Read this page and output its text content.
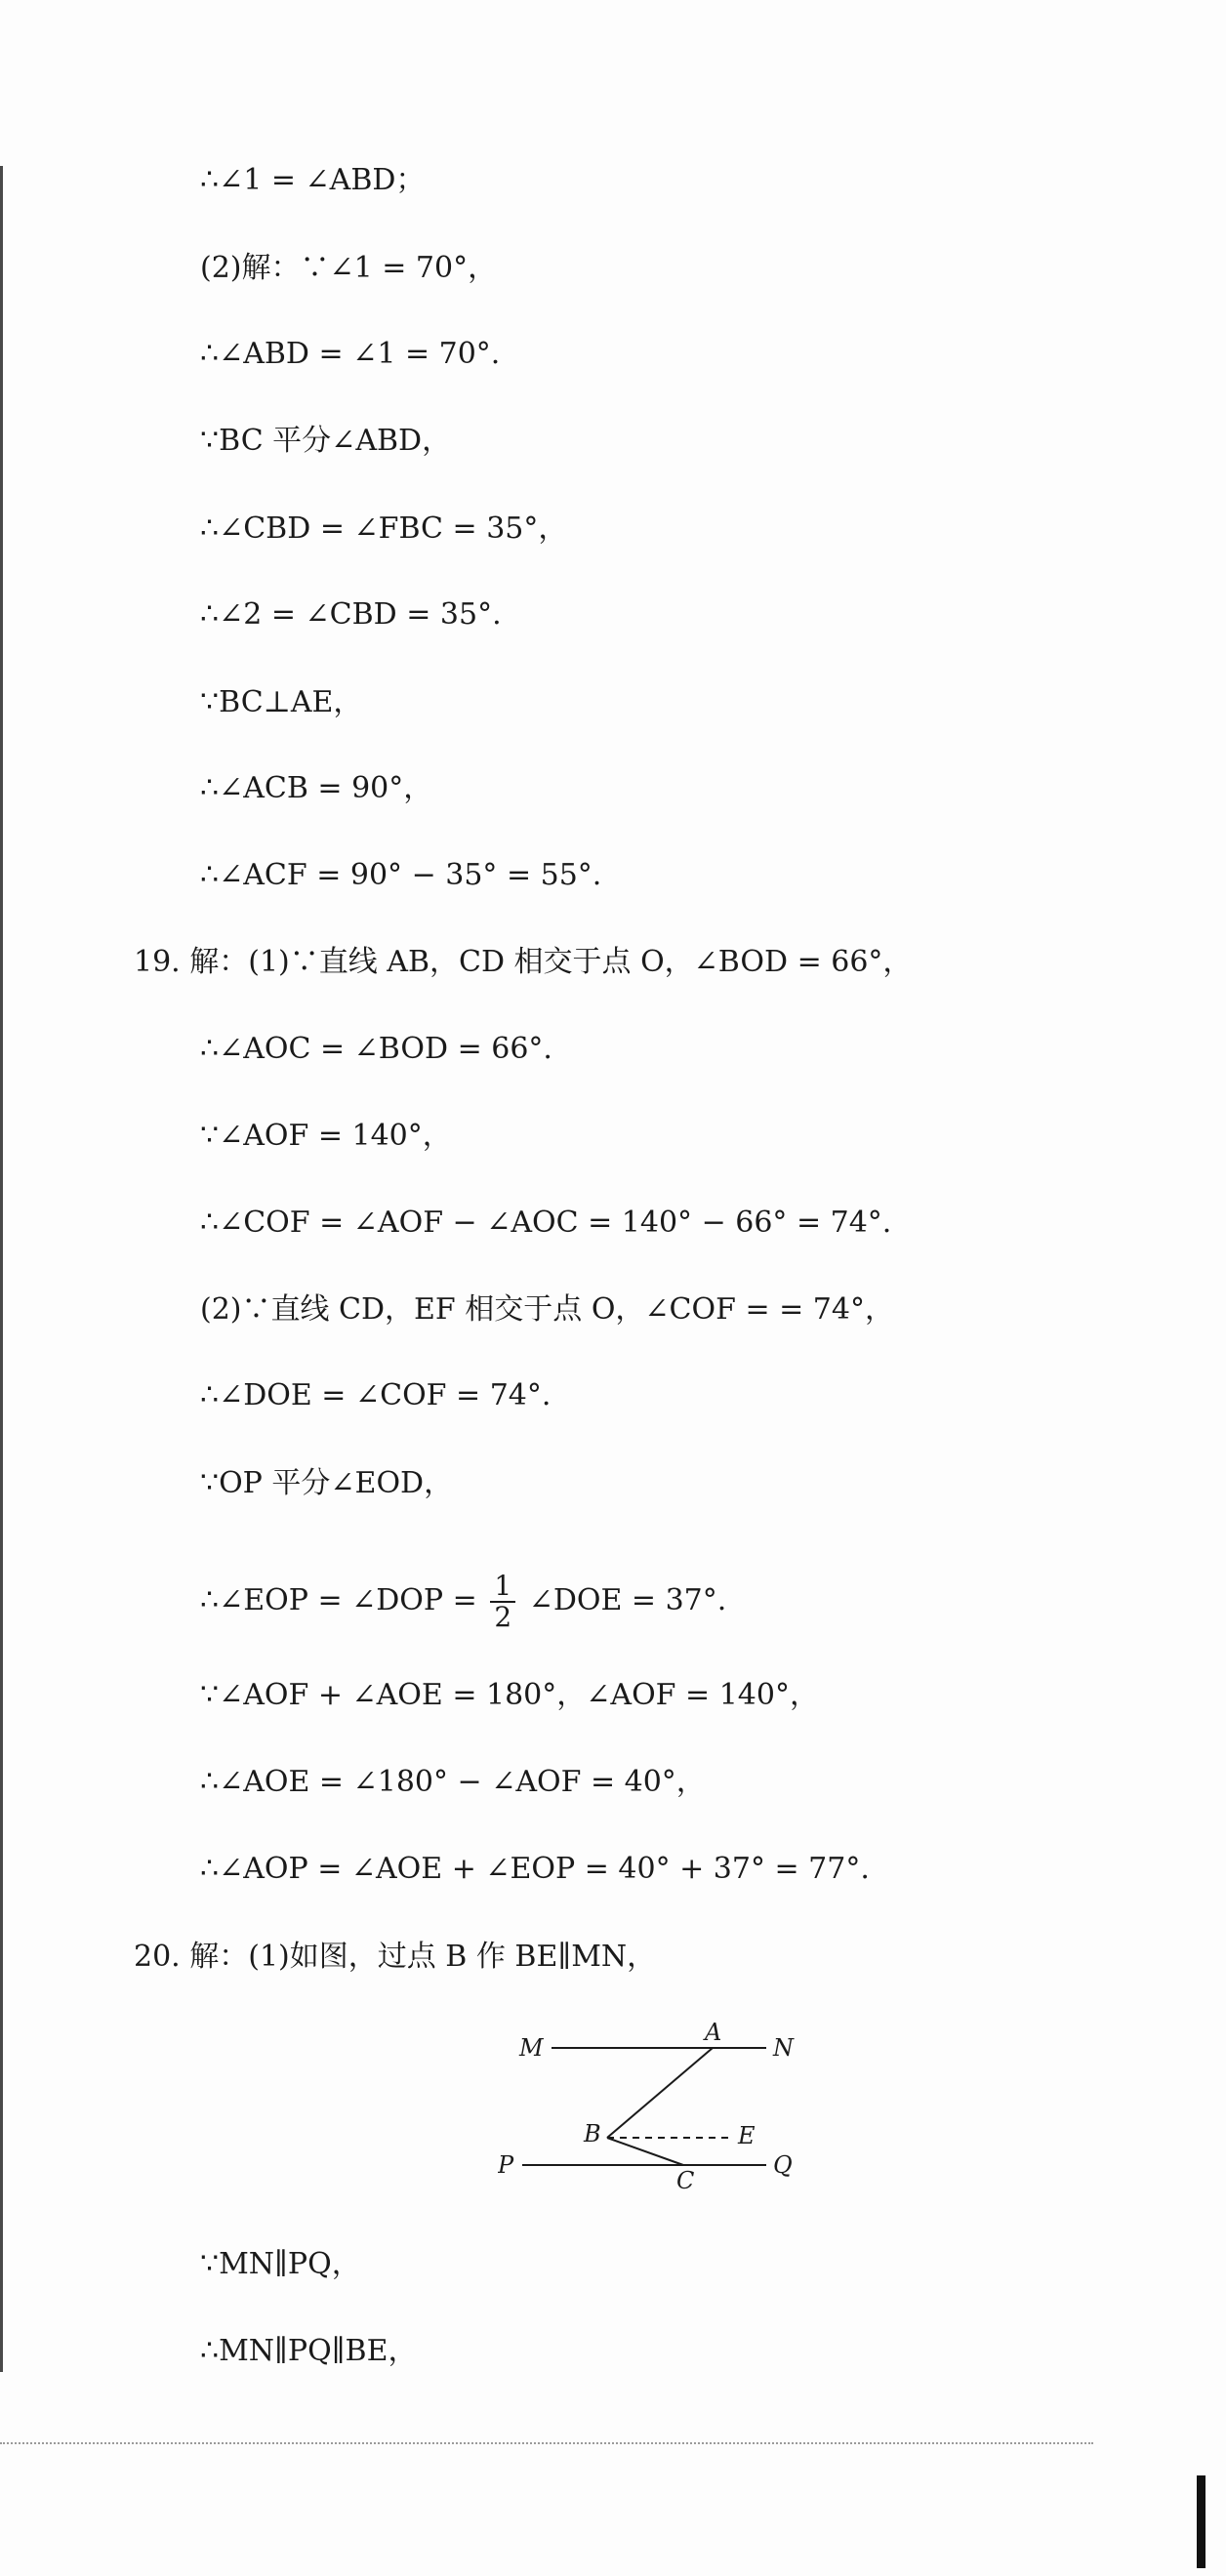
∴∠1 = ∠ABD；
(2)解：∵∠1 = 70°，
∴∠ABD = ∠1 = 70°.
∵BC 平分∠ABD，
∴∠CBD = ∠FBC = 35°，
∴∠2 = ∠CBD = 35°.
∵BC⊥AE，
∴∠ACB = 90°，
∴∠ACF = 90° − 35° = 55°.
19. 解：(1)∵直线 AB，CD 相交于点 O，∠BOD = 66°，
∴∠AOC = ∠BOD = 66°.
∵∠AOF = 140°，
∴∠COF = ∠AOF − ∠AOC = 140° − 66° = 74°.
(2)∵直线 CD，EF 相交于点 O，∠COF = = 74°，
∴∠DOE = ∠COF = 74°.
∵OP 平分∠EOD，
∴∠EOP = ∠DOP = $\frac{1}{2}$ ∠DOE = 37°.
∵∠AOF + ∠AOE = 180°，∠AOF = 140°，
∴∠AOE = ∠180° − ∠AOF = 40°，
∴∠AOP = ∠AOE + ∠EOP = 40° + 37° = 77°.
20. 解：(1)如图，过点 B 作 BE∥MN，
M
A
N
B	E
P
C
Q
∵MN∥PQ，
∴MN∥PQ∥BE，
